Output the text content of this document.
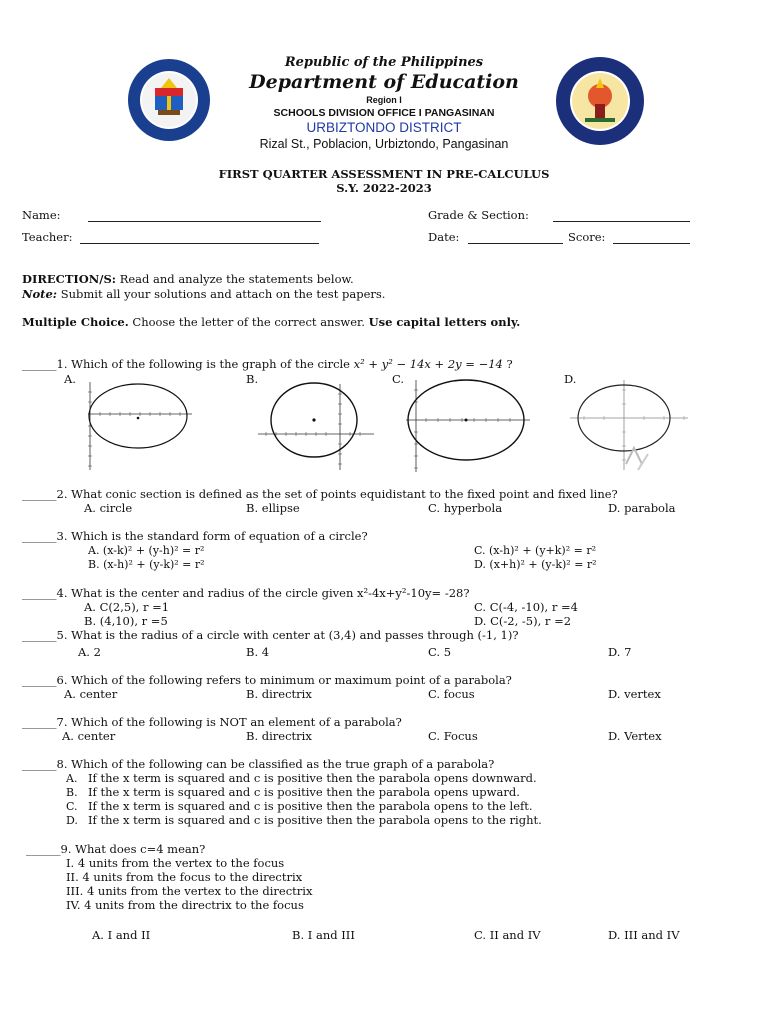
Republic of the Philippines
Department of Education
Region I
SCHOOLS DIVISION OFFICE I PANGASINAN
URBIZTONDO DISTRICT
Rizal St., Poblacion, Urbiztondo, Pangasinan
FIRST QUARTER ASSESSMENT IN PRE-CALCULUS
S.Y. 2022-2023
Name:	Grade & Section:
Teacher:	Date:	Score:
DIRECTION/S: Read and analyze the statements below.
Note: Submit all your solutions and attach on the test papers.
Multiple Choice. Choose the letter of the correct answer. Use capital letters only.
______1. Which of the following is the graph of the circle x² + y² − 14x + 2y = −14 ?
A.	B.	C.	D.
______2. What conic section is defined as the set of points equidistant to the fixed point and fixed line?
A. circle	B. ellipse	C. hyperbola	D. parabola
______3. Which is the standard form of equation of a circle?
A. (x-k)² + (y-h)² = r²
B. (x-h)² + (y-k)² = r²
C. (x-h)² + (y+k)² = r²
D. (x+h)² + (y-k)² = r²
______4. What is the center and radius of the circle given x²-4x+y²-10y= -28?
A. C(2,5), r =1
B. (4,10), r =5
C. C(-4, -10), r =4
D. C(-2, -5), r =2
______5. What is the radius of a circle with center at (3,4) and passes through (-1, 1)?
A. 2	B. 4	C. 5	D. 7
______6. Which of the following refers to minimum or maximum point of a parabola?
A. center	B. directrix	C. focus	D. vertex
______7. Which of the following is NOT an element of a parabola?
A. center	B. directrix	C. Focus	D. Vertex
______8. Which of the following can be classified as the true graph of a parabola?
A. If the x term is squared and c is positive then the parabola opens downward.
B. If the x term is squared and c is positive then the parabola opens upward.
C. If the x term is squared and c is positive then the parabola opens to the left.
D. If the x term is squared and c is positive then the parabola opens to the right.
______9. What does c=4 mean?
I. 4 units from the vertex to the focus
II. 4 units from the focus to the directrix
III. 4 units from the vertex to the directrix
IV. 4 units from the directrix to the focus
A. I and II	B. I and III	C. II and IV	D. III and IV
